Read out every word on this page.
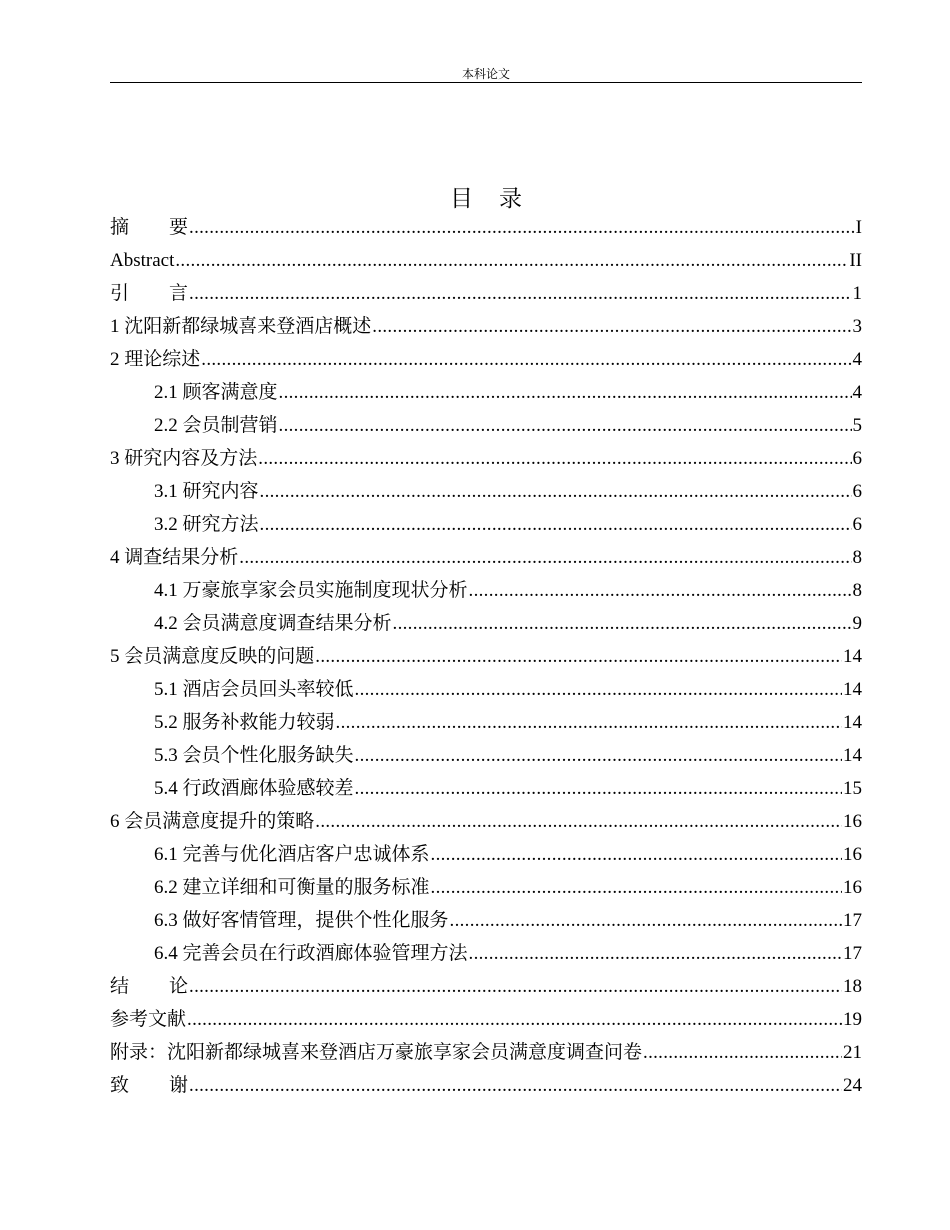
本科论文
目录
摘要 .....	I
Abstract .....	II
引言 .....	1
1 沈阳新都绿城喜来登酒店概述 .....	3
2 理论综述 .....	4
2.1 顾客满意度 .....	4
2.2 会员制营销 .....	5
3 研究内容及方法 .....	6
3.1 研究内容 .....	6
3.2 研究方法 .....	6
4 调查结果分析 .....	8
4.1 万豪旅享家会员实施制度现状分析 .....	8
4.2 会员满意度调查结果分析 .....	9
5 会员满意度反映的问题 .....	14
5.1 酒店会员回头率较低 .....	14
5.2 服务补救能力较弱 .....	14
5.3 会员个性化服务缺失 .....	14
5.4 行政酒廊体验感较差 .....	15
6 会员满意度提升的策略 .....	16
6.1 完善与优化酒店客户忠诚体系 .....	16
6.2 建立详细和可衡量的服务标准 .....	16
6.3 做好客情管理，提供个性化服务 .....	17
6.4 完善会员在行政酒廊体验管理方法 .....	17
结论 .....	18
参考文献 .....	19
附录：沈阳新都绿城喜来登酒店万豪旅享家会员满意度调查问卷 .....	21
致谢 .....	24
